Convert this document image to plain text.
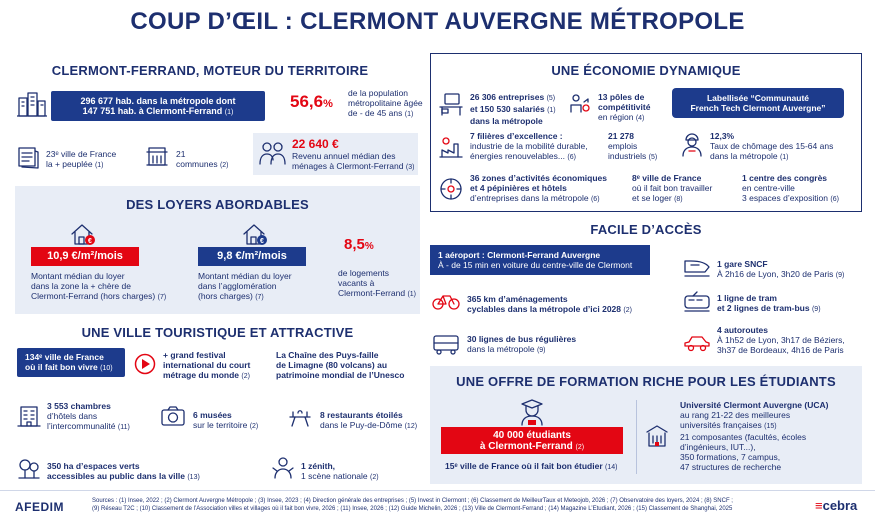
COUP D’ŒIL : CLERMONT AUVERGNE MÉTROPOLE
CLERMONT-FERRAND, MOTEUR DU TERRITOIRE
296 677 hab. dans la métropole dont
147 751 hab. à Clermont-Ferrand (1)
56,6%
de la population
métropolitaine âgée
de - de 45 ans (1)
23ᵉ ville de France
la + peuplée (1)
21
communes (2)
22 640 €
Revenu annuel médian des
ménages à Clermont-Ferrand (3)
DES LOYERS ABORDABLES
€
10,9 €/m²/mois
Montant médian du loyer
dans la zone la + chère de
Clermont-Ferrand (hors charges) (7)
€
9,8 €/m²/mois
Montant médian du loyer
dans l’agglomération
(hors charges) (7)
8,5%
de logements
vacants à
Clermont-Ferrand (1)
UNE VILLE TOURISTIQUE ET ATTRACTIVE
134ᵉ ville de France
où il fait bon vivre (10)
+ grand festival
international du court
métrage du monde (2)
La Chaîne des Puys-faille
de Limagne (80 volcans) au
patrimoine mondial de l’Unesco
3 553 chambres
d’hôtels dans
l’intercommunalité (11)
6 musées
sur le territoire (2)
8 restaurants étoilés
dans le Puy-de-Dôme (12)
350 ha d’espaces verts
accessibles au public dans la ville (13)
1 zénith,
1 scène nationale (2)
UNE ÉCONOMIE DYNAMIQUE
26 306 entreprises (5)
et 150 530 salariés (1)
dans la métropole
13 pôles de
compétitivité
en région (4)
Labellisée “Communauté
French Tech Clermont Auvergne”
7 filières d’excellence :
industrie de la mobilité durable,
énergies renouvelables... (6)
21 278
emplois
industriels (5)
12,3%
Taux de chômage des 15-64 ans
dans la métropole (1)
36 zones d’activités économiques
et 4 pépinières et hôtels
d’entreprises dans la métropole (6)
8ᵉ ville de France
où il fait bon travailler
et se loger (8)
1 centre des congrès
en centre-ville
3 espaces d’exposition (6)
FACILE D’ACCÈS
1 aéroport : Clermont-Ferrand Auvergne
À - de 15 min en voiture du centre-ville de Clermont
365 km d’aménagements
cyclables dans la métropole d’ici 2028 (2)
30 lignes de bus régulières
dans la métropole (9)
1 gare SNCF
À 2h16 de Lyon, 3h20 de Paris (9)
1 ligne de tram
et 2 lignes de tram-bus (9)
4 autoroutes
À 1h52 de Lyon, 3h17 de Béziers,
3h37 de Bordeaux, 4h16 de Paris
UNE OFFRE DE FORMATION RICHE POUR LES ÉTUDIANTS
40 000 étudiants
à Clermont-Ferrand (2)
15ᵉ ville de France où il fait bon étudier (14)
Université Clermont Auvergne (UCA)
au rang 21-22 des meilleures
universités françaises (15)
21 composantes (facultés, écoles
d’ingénieurs, IUT...),
350 formations, 7 campus,
47 structures de recherche
AFEDIM	Sources : (1) Insee, 2022 ; (2) Clermont Auvergne Métropole ; (3) Insee, 2023 ; (4) Direction générale des entreprises ; (5) Invest in Clermont ; (6) Classement de MeilleurTaux et Meteojob, 2026 ; (7) Observatoire des loyers, 2024 ; (8) SNCF ;
(9) Réseau T2C ; (10) Classement de l’Association villes et villages où il fait bon vivre, 2026 ; (11) Insee, 2026 ; (12) Guide Michelin, 2026 ; (13) Ville de Clermont-Ferrand ; (14) Magazine L’Etudiant, 2026 ; (15) Classement de Shanghai, 2025	≡cebra
